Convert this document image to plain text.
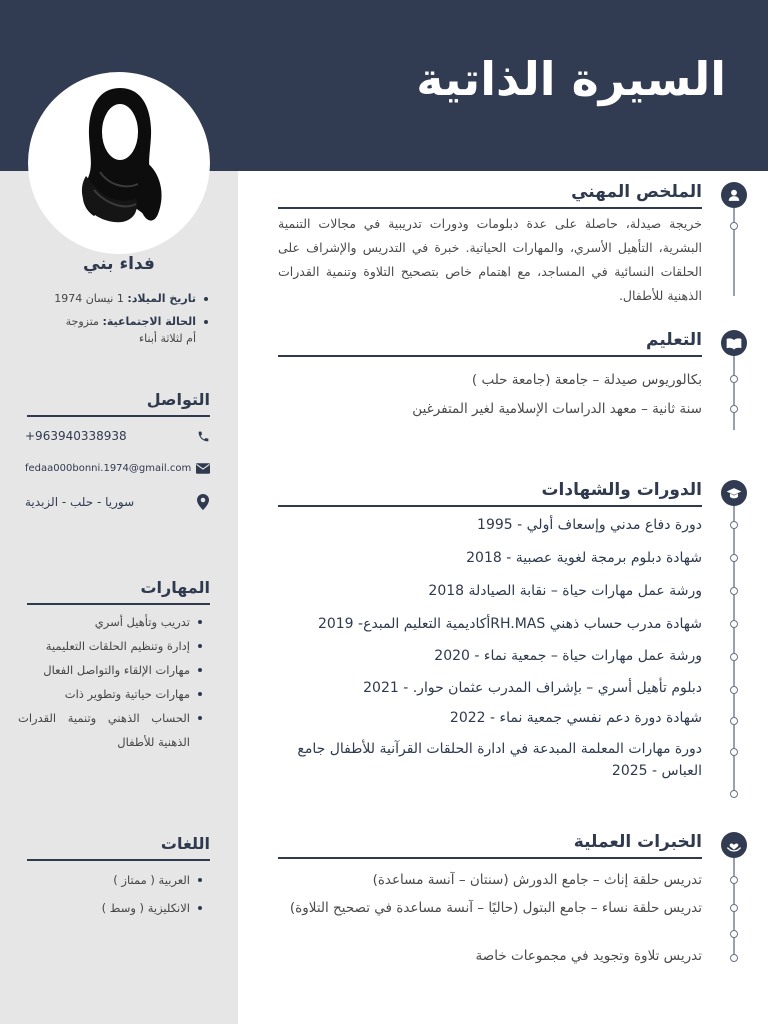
السيرة الذاتية
فداء بني
تاريخ الميلاد: 1 نيسان 1974
الحالة الاجتماعية: متزوجة
أم لثلاثة أبناء
التواصل
+963940338938
fedaa000bonni.1974@gmail.com
سوريا - حلب - الزبدية
المهارات
تدريب وتأهيل أسري
إدارة وتنظيم الحلقات التعليمية
مهارات الإلقاء والتواصل الفعال
مهارات حياتية وتطوير ذات
الحساب الذهني وتنمية القدرات الذهنية للأطفال
اللغات
العربية ( ممتاز )
الانكليزية ( وسط )
الملخص المهني
خريجة صيدلة، حاصلة على عدة دبلومات ودورات تدريبية في مجالات التنمية البشرية، التأهيل الأسري، والمهارات الحياتية. خبرة في التدريس والإشراف على الحلقات النسائية في المساجد، مع اهتمام خاص بتصحيح التلاوة وتنمية القدرات الذهنية للأطفال.
التعليم
بكالوريوس صيدلة – جامعة (جامعة حلب )
سنة ثانية – معهد الدراسات الإسلامية لغير المتفرغين
الدورات والشهادات
دورة دفاع مدني وإسعاف أولي - 1995
شهادة دبلوم برمجة لغوية عصبية - 2018
ورشة عمل مهارات حياة – نقابة الصيادلة 2018
شهادة مدرب حساب ذهني RH.MASأكاديمية التعليم المبدع- 2019
ورشة عمل مهارات حياة – جمعية نماء - 2020
دبلوم تأهيل أسري – بإشراف المدرب عثمان حوار. - 2021
شهادة دورة دعم نفسي جمعية نماء - 2022
دورة مهارات المعلمة المبدعة في ادارة الحلقات القرآنية للأطفال جامع العباس - 2025
الخبرات العملية
تدريس حلقة إناث – جامع الدورش (سنتان – آنسة مساعدة)
تدريس حلقة نساء – جامع البتول (حاليًا – آنسة مساعدة في تصحيح التلاوة)
تدريس تلاوة وتجويد في مجموعات خاصة
